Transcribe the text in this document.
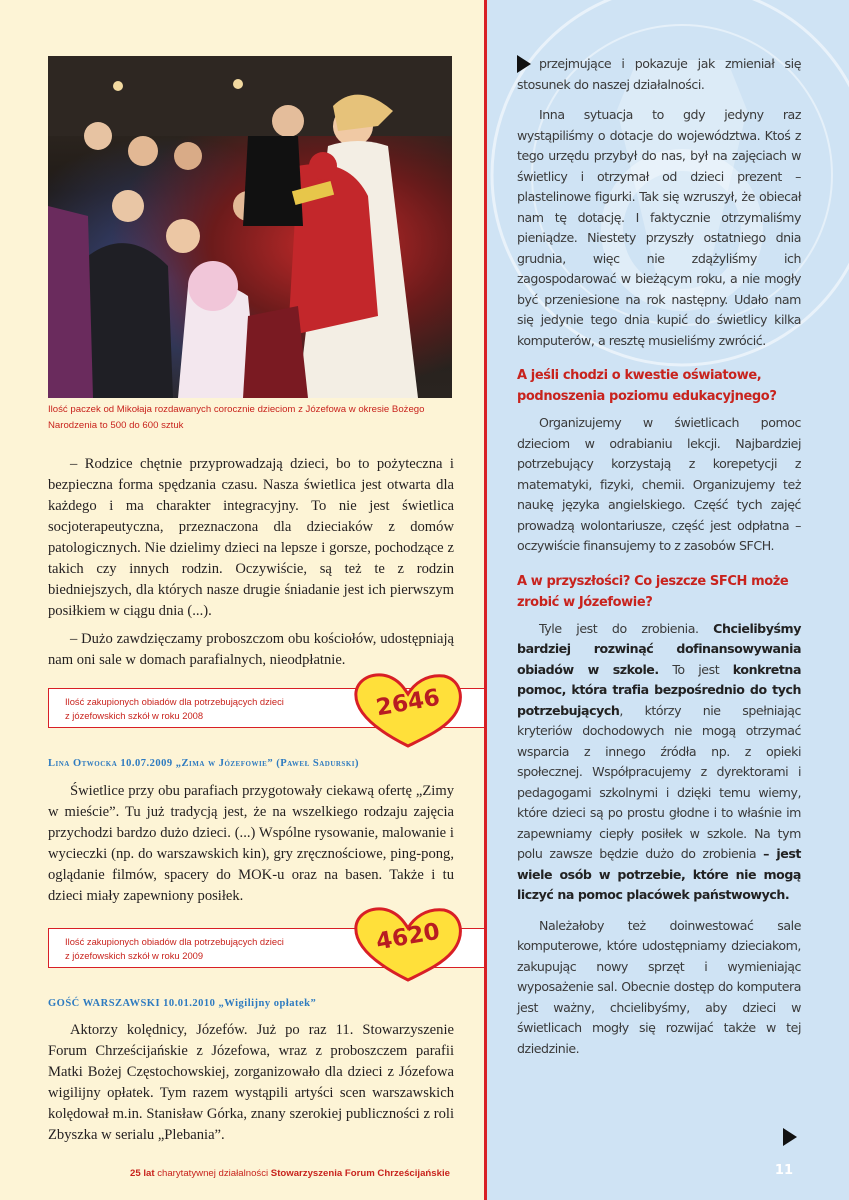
Ilość paczek od Mikołaja rozdawanych corocznie dzieciom z Józefowa w okresie Bożego Narodzenia to 500 do 600 sztuk

– Rodzice chętnie przyprowadzają dzieci, bo to pożyteczna i bezpieczna forma spędzania czasu. Nasza świetlica jest otwarta dla każdego i ma charakter integracyjny. To nie jest świetlica socjoterapeutyczna, przeznaczona dla dzieciaków z domów patologicznych. Nie dzielimy dzieci na lepsze i gorsze, pochodzące z takich czy innych rodzin. Oczywiście, są też te z rodzin biedniejszych, dla których nasze drugie śniadanie jest ich pierwszym posiłkiem w ciągu dnia (...).

– Dużo zawdzięczamy proboszczom obu kościołów, udostępniają nam oni sale w domach parafialnych, nieodpłatnie.

Ilość zakupionych obiadów dla potrzebujących dzieci
z józefowskich szkół w roku 2008	2646
Lina Otwocka 10.07.2009 „Zima w Józefowie” (Paweł Sadurski)

Świetlice przy obu parafiach przygotowały ciekawą ofertę „Zimy w mieście”. Tu już tradycją jest, że na wszelkiego rodzaju zajęcia przychodzi bardzo dużo dzieci. (...) Wspólne rysowanie, malowanie i wycieczki (np. do warszawskich kin), gry zręcznościowe, ping-pong, oglądanie filmów, spacery do MOK-u oraz na basen. Także i tu dzieci miały zapewniony posiłek.

Ilość zakupionych obiadów dla potrzebujących dzieci
z józefowskich szkół w roku 2009
4620
GOŚĆ WARSZAWSKI 10.01.2010 „Wigilijny opłatek”

Aktorzy kolędnicy, Józefów. Już po raz 11. Stowarzyszenie Forum Chrześcijańskie z Józefowa, wraz z proboszczem parafii Matki Bożej Częstochowskiej, zorganizowało dla dzieci z Józefowa wigilijny opłatek. Tym razem wystąpili artyści scen warszawskich kolędował m.in. Stanisław Górka, znany szerokiej publiczności z roli Zbyszka w serialu „Plebania”.

przejmujące i pokazuje jak zmieniał się stosunek do naszej działalności.

Inna sytuacja to gdy jedyny raz wystąpiliśmy o dotacje do województwa. Ktoś z tego urzędu przybył do nas, był na zajęciach w świetlicy i otrzymał od dzieci prezent – plastelinowe figurki. Tak się wzruszył, że obiecał nam tę dotację. I faktycznie otrzymaliśmy pieniądze. Niestety przyszły ostatniego dnia grudnia, więc nie zdążyliśmy ich zagospodarować w bieżącym roku, a nie mogły być przeniesione na rok następny. Udało nam się jedynie tego dnia kupić do świetlicy kilka komputerów, a resztę musieliśmy zwrócić.

A jeśli chodzi o kwestie oświatowe, podnoszenia poziomu edukacyjnego?

Organizujemy w świetlicach pomoc dzieciom w odrabianiu lekcji. Najbardziej potrzebujący korzystają z korepetycji z matematyki, fizyki, chemii. Organizujemy też naukę języka angielskiego. Część tych zajęć prowadzą wolontariusze, część jest odpłatna – oczywiście finansujemy to z zasobów SFCH.

A w przyszłości? Co jeszcze SFCH może zrobić w Józefowie?

Tyle jest do zrobienia. Chcielibyśmy bardziej rozwinąć dofinansowywania obiadów w szkole. To jest konkretna pomoc, która trafia bezpośrednio do tych potrzebujących, którzy nie spełniając kryteriów dochodowych nie mogą otrzymać wsparcia z innego źródła np. z opieki społecznej. Współpracujemy z dyrektorami i pedagogami szkolnymi i dzięki temu wiemy, które dzieci są po prostu głodne i to właśnie im zapewniamy ciepły posiłek w szkole. Na tym polu zawsze będzie dużo do zrobienia – jest wiele osób w potrzebie, które nie mogą liczyć na pomoc placówek państwowych.

Należałoby też doinwestować sale komputerowe, które udostępniamy dzieciakom, zakupując nowy sprzęt i wymieniając wyposażenie sal. Obecnie dostęp do komputera jest ważny, chcielibyśmy, aby dzieci w świetlicach mogły się rozwijać także w tej dziedzinie.

25 lat charytatywnej działalności Stowarzyszenia Forum Chrześcijańskie	11
